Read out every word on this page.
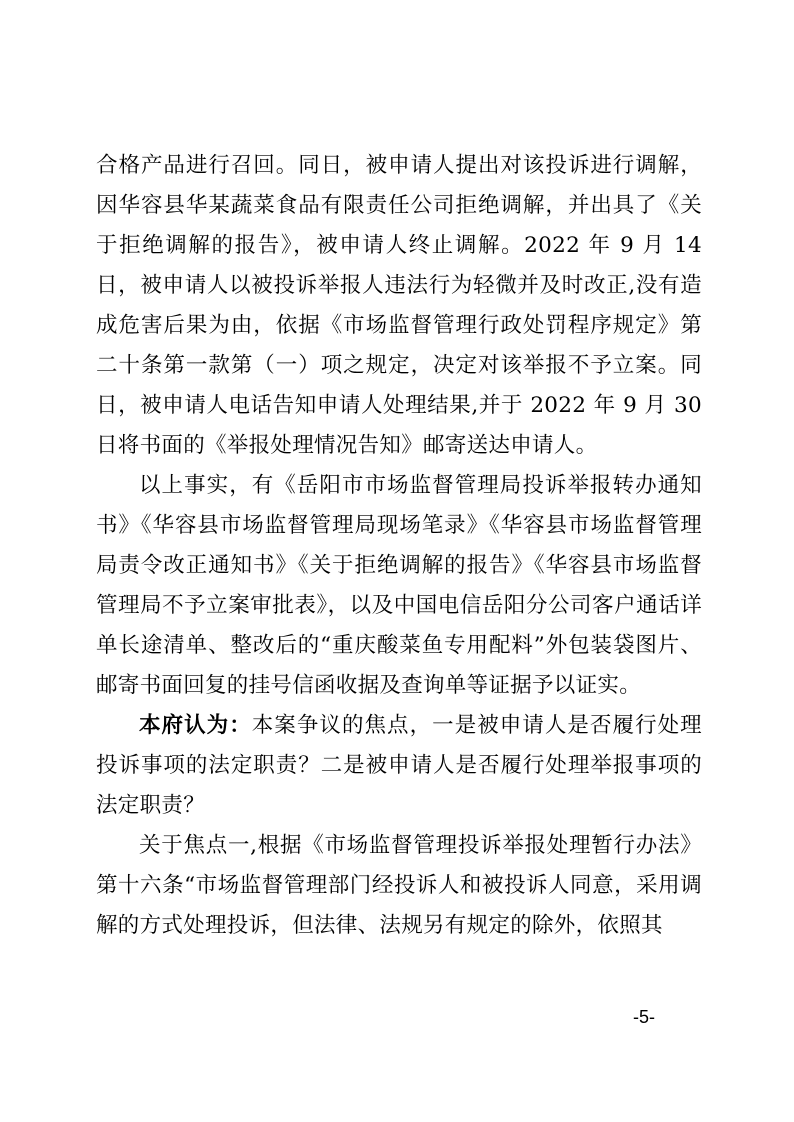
合格产品进行召回。同日，被申请人提出对该投诉进行调解，因华容县华某蔬菜食品有限责任公司拒绝调解，并出具了《关于拒绝调解的报告》，被申请人终止调解。2022 年 9 月 14 日，被申请人以被投诉举报人违法行为轻微并及时改正,没有造成危害后果为由，依据《市场监督管理行政处罚程序规定》第二十条第一款第（一）项之规定，决定对该举报不予立案。同日，被申请人电话告知申请人处理结果,并于 2022 年 9 月 30 日将书面的《举报处理情况告知》邮寄送达申请人。

以上事实，有《岳阳市市场监督管理局投诉举报转办通知书》《华容县市场监督管理局现场笔录》《华容县市场监督管理局责令改正通知书》《关于拒绝调解的报告》《华容县市场监督管理局不予立案审批表》，以及中国电信岳阳分公司客户通话详单长途清单、整改后的“重庆酸菜鱼专用配料”外包装袋图片、邮寄书面回复的挂号信函收据及查询单等证据予以证实。

本府认为：本案争议的焦点，一是被申请人是否履行处理投诉事项的法定职责？二是被申请人是否履行处理举报事项的法定职责？

关于焦点一,根据《市场监督管理投诉举报处理暂行办法》第十六条“市场监督管理部门经投诉人和被投诉人同意，采用调解的方式处理投诉，但法律、法规另有规定的除外，依照其

-5-
